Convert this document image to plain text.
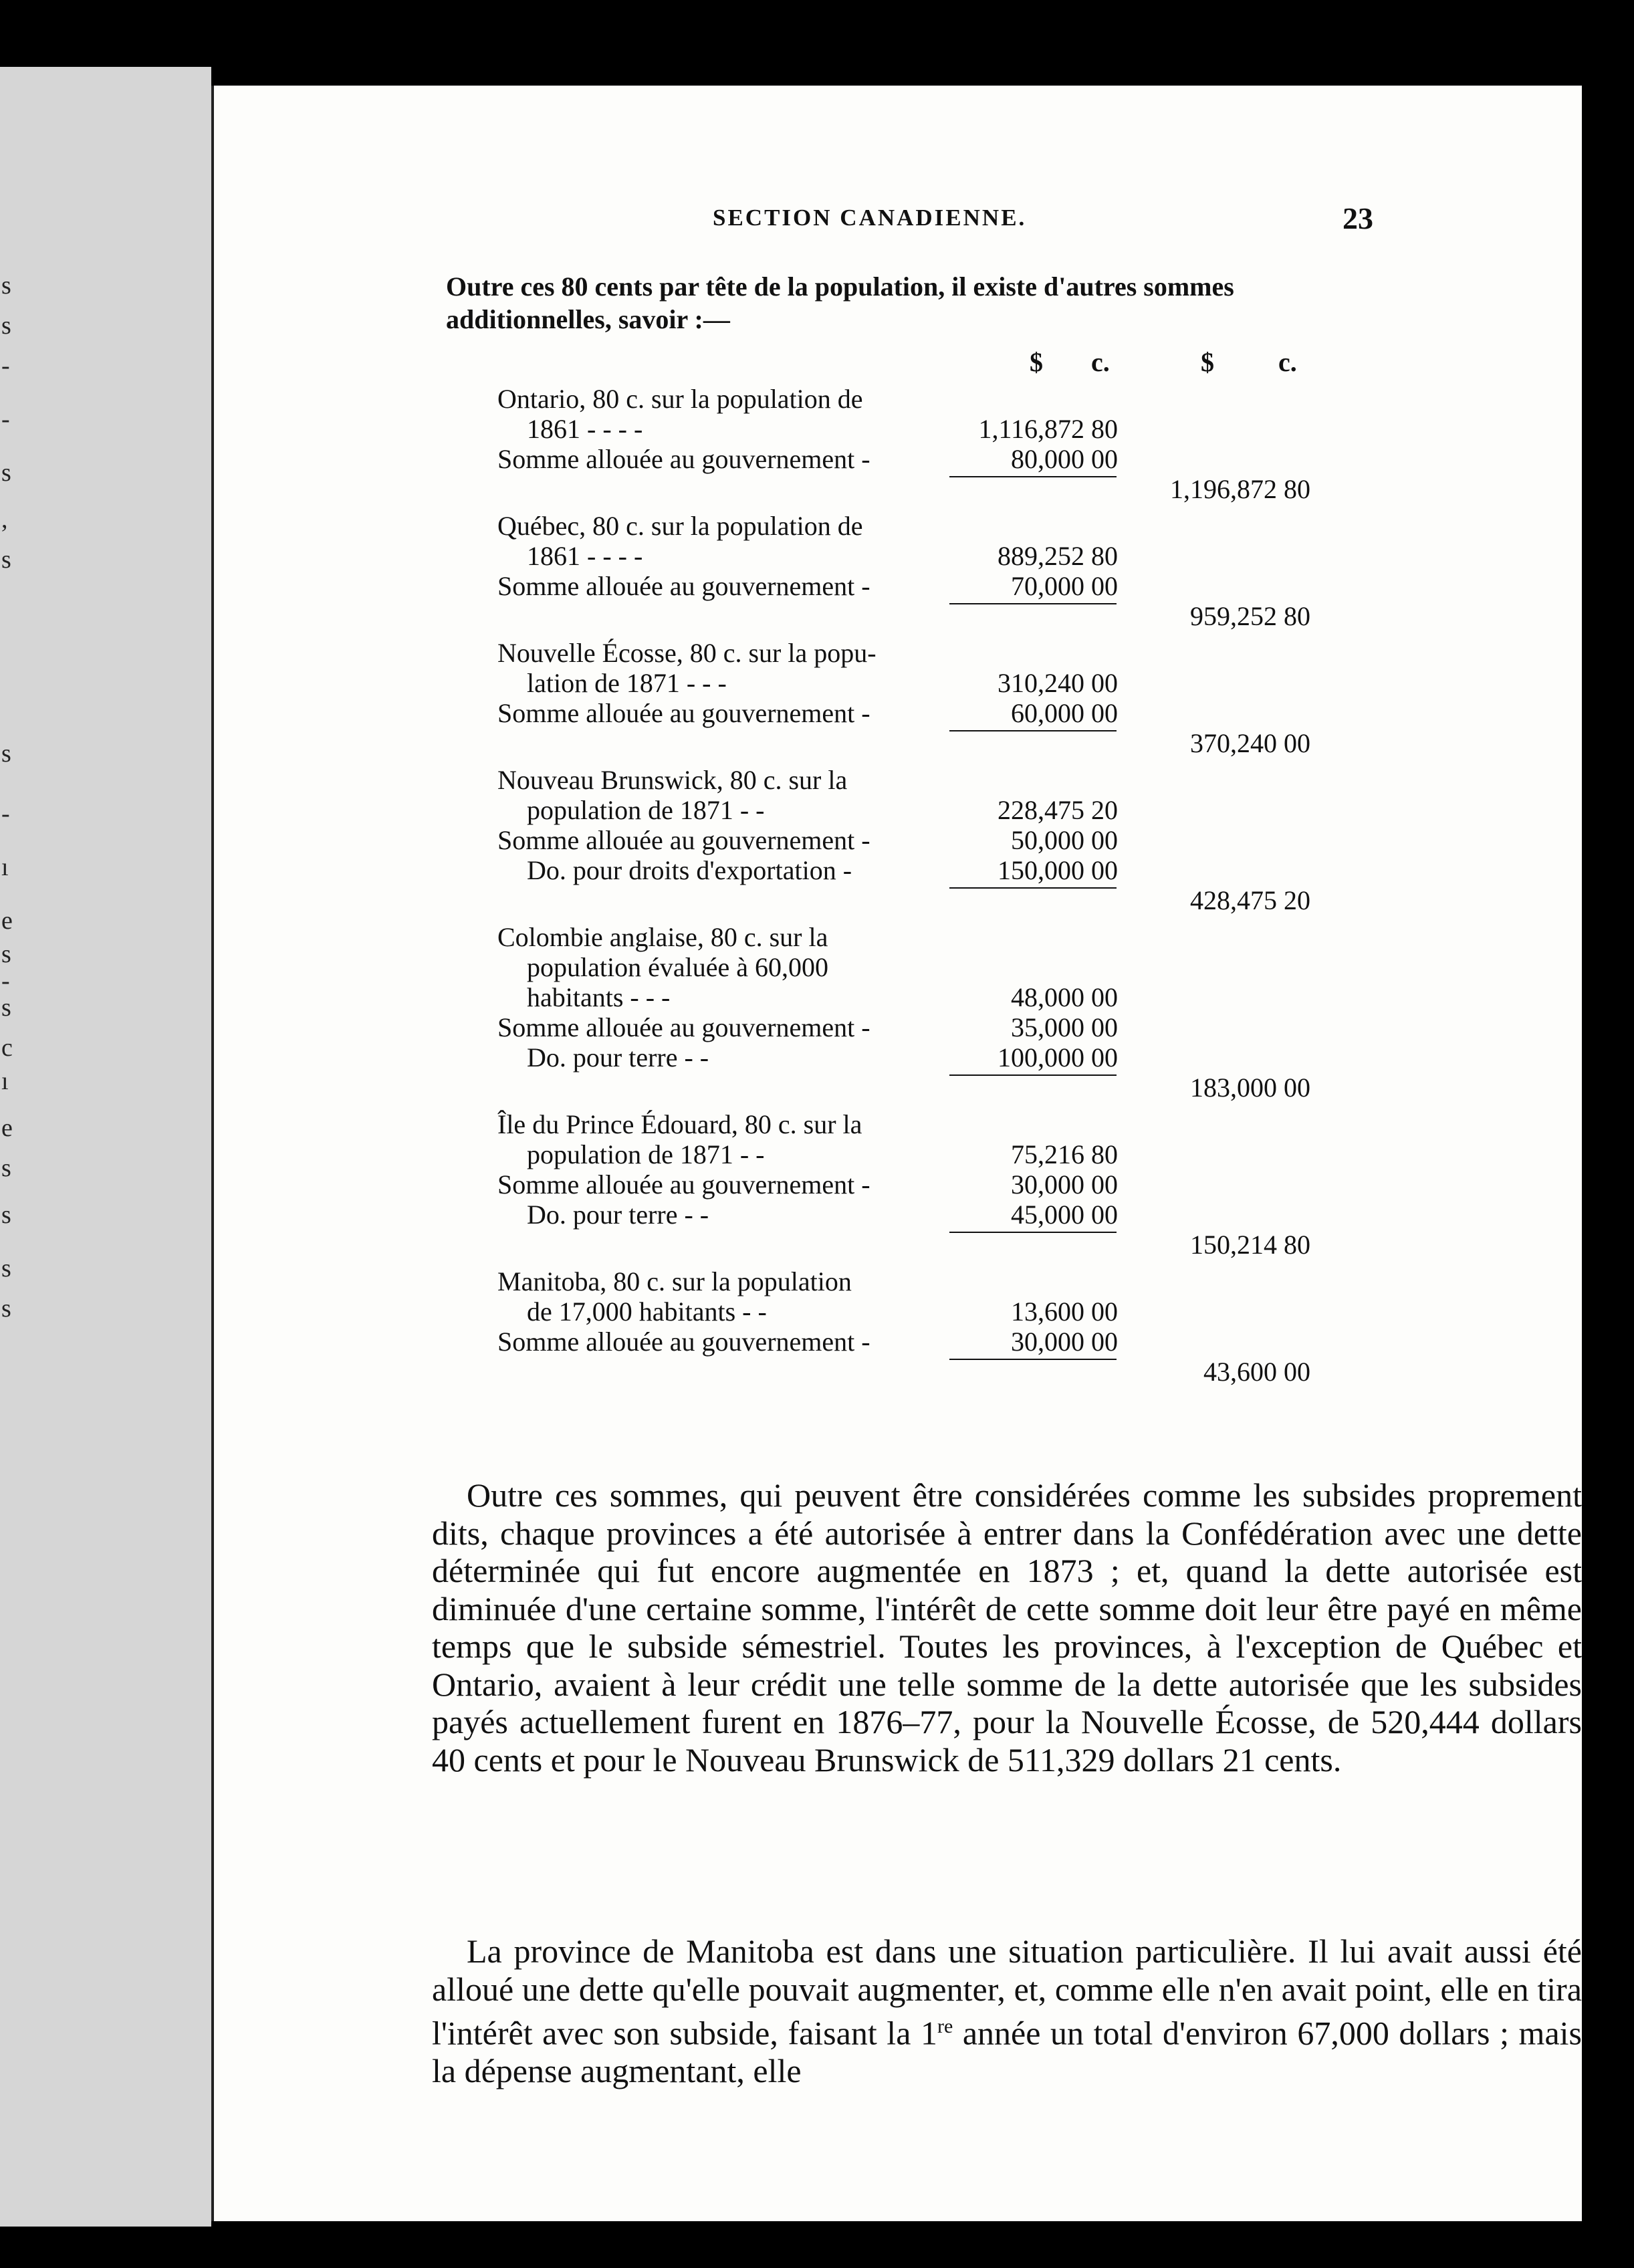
s
s
-
-
s
,
s
s
-
ı
e
s
-
s
c
ı
e
s
s
s
s
SECTION CANADIENNE.	23
Outre ces 80 cents par tête de la population, il existe d'autres sommes additionnelles, savoir :—
$ c.	$ c.
Ontario, 80 c. sur la population de
1861 - - - -	1,116,872 80
Somme allouée au gouvernement -	80,000 00
1,196,872 80
Québec, 80 c. sur la population de
1861 - - - -	889,252 80
Somme allouée au gouvernement -	70,000 00
959,252 80
Nouvelle Écosse, 80 c. sur la popu-
lation de 1871 - - -	310,240 00
Somme allouée au gouvernement -	60,000 00
370,240 00
Nouveau Brunswick, 80 c. sur la
population de 1871 - -	228,475 20
Somme allouée au gouvernement -	50,000 00
Do. pour droits d'exportation -	150,000 00
428,475 20
Colombie anglaise, 80 c. sur la
population évaluée à 60,000
habitants - - -	48,000 00
Somme allouée au gouvernement -	35,000 00
Do. pour terre - -	100,000 00
183,000 00
Île du Prince Édouard, 80 c. sur la
population de 1871 - -	75,216 80
Somme allouée au gouvernement -	30,000 00
Do. pour terre - -	45,000 00
150,214 80
Manitoba, 80 c. sur la population
de 17,000 habitants - -	13,600 00
Somme allouée au gouvernement -	30,000 00
43,600 00

Outre ces sommes, qui peuvent être considérées comme les subsides proprement dits, chaque provinces a été autorisée à entrer dans la Confédération avec une dette déterminée qui fut encore augmentée en 1873 ; et, quand la dette autorisée est diminuée d'une certaine somme, l'intérêt de cette somme doit leur être payé en même temps que le subside sémestriel. Toutes les provinces, à l'exception de Québec et Ontario, avaient à leur crédit une telle somme de la dette autorisée que les subsides payés actuellement furent en 1876–77, pour la Nouvelle Écosse, de 520,444 dollars 40 cents et pour le Nouveau Brunswick de 511,329 dollars 21 cents.

La province de Manitoba est dans une situation particulière. Il lui avait aussi été alloué une dette qu'elle pouvait augmenter, et, comme elle n'en avait point, elle en tira l'intérêt avec son subside, faisant la 1re année un total d'environ 67,000 dollars ; mais la dépense augmentant, elle
